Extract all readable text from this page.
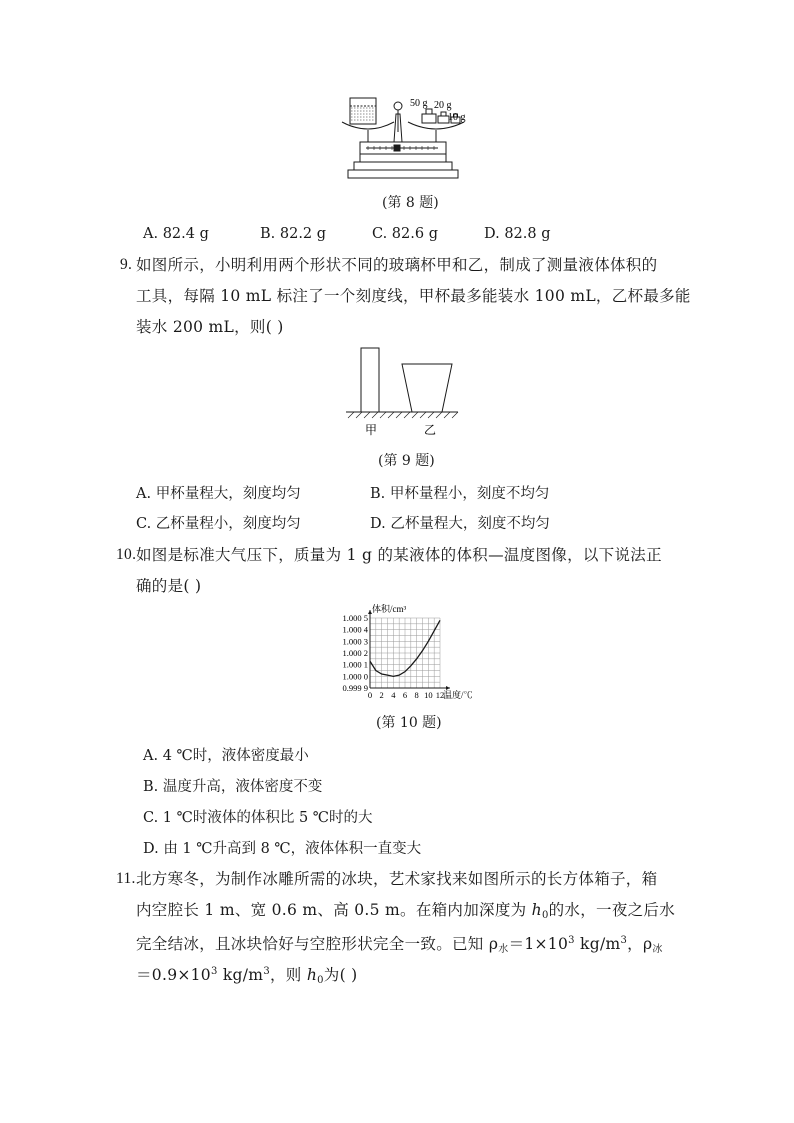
50 g 20 g
10 g
(第 8 题)
A. 82.4 g	B. 82.2 g	C. 82.6 g	D. 82.8 g
9. 如图所示，小明利用两个形状不同的玻璃杯甲和乙，制成了测量液体体积的
工具，每隔 10 mL 标注了一个刻度线，甲杯最多能装水 100 mL，乙杯最多能
装水 200 mL，则( )
甲	乙
(第 9 题)
A. 甲杯量程大，刻度均匀	B. 甲杯量程小，刻度不均匀
C. 乙杯量程小，刻度均匀	D. 乙杯量程大，刻度不均匀
10. 如图是标准大气压下，质量为 1 g 的某液体的体积—温度图像，以下说法正
确的是( )
0.999 9
1.000 0
1.000 1
1.000 2
1.000 3
1.000 4
1.000 5
0 2 4 6 8 10 12
体积/cm³
温度/℃
(第 10 题)
A. 4 ℃时，液体密度最小
B. 温度升高，液体密度不变
C. 1 ℃时液体的体积比 5 ℃时的大
D. 由 1 ℃升高到 8 ℃，液体体积一直变大
11. 北方寒冬，为制作冰雕所需的冰块，艺术家找来如图所示的长方体箱子，箱
内空腔长 1 m、宽 0.6 m、高 0.5 m。在箱内加深度为 $h_0$的水，一夜之后水
完全结冰，且冰块恰好与空腔形状完全一致。已知 $\rho_水=1\times 10^3$ $kg/m^3$，$\rho_冰$
$=0.9\times 10^3$ $kg/m^3$，则 $h_0$为( )
